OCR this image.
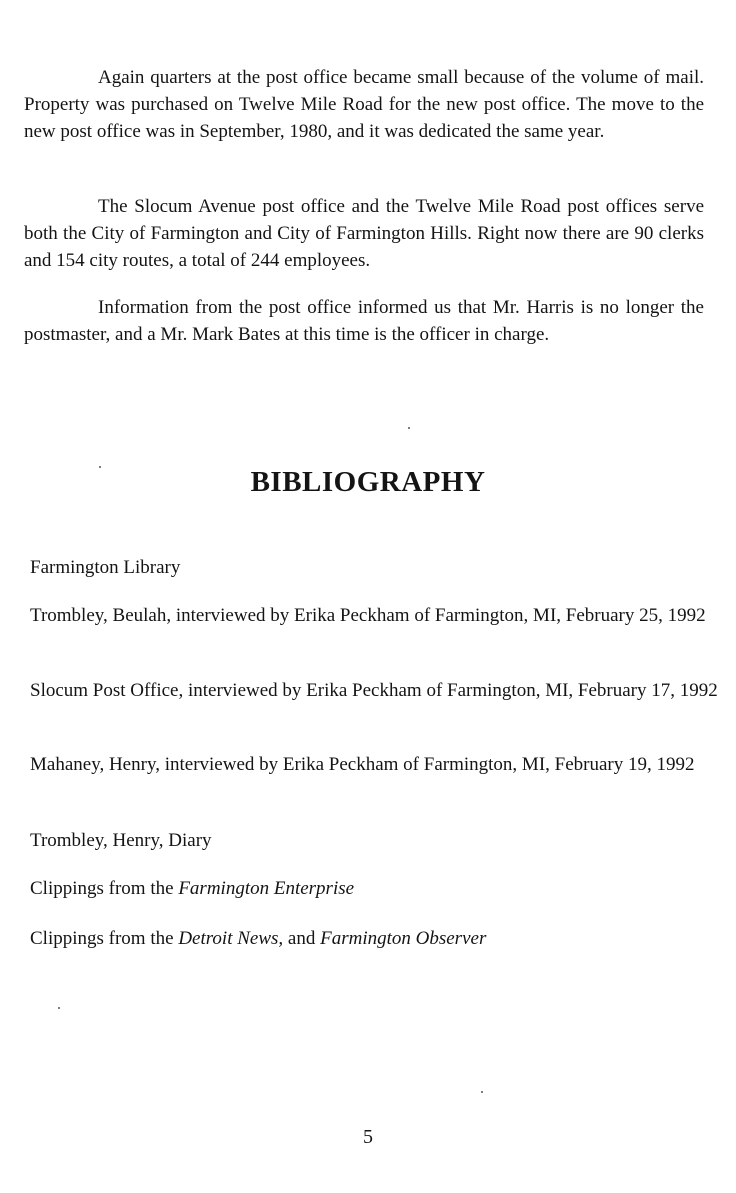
Again quarters at the post office became small because of the volume of mail. Property was purchased on Twelve Mile Road for the new post office. The move to the new post office was in September, 1980, and it was dedicated the same year.

The Slocum Avenue post office and the Twelve Mile Road post offices serve both the City of Farmington and City of Farmington Hills. Right now there are 90 clerks and 154 city routes, a total of 244 employees.

Information from the post office informed us that Mr. Harris is no longer the postmaster, and a Mr. Mark Bates at this time is the officer in charge.

BIBLIOGRAPHY
Farmington Library
Trombley, Beulah, interviewed by Erika Peckham of Farmington, MI, February 25, 1992
Slocum Post Office, interviewed by Erika Peckham of Farmington, MI, February 17, 1992
Mahaney, Henry, interviewed by Erika Peckham of Farmington, MI, February 19, 1992
Trombley, Henry, Diary
Clippings from the Farmington Enterprise
Clippings from the Detroit News, and Farmington Observer
5
